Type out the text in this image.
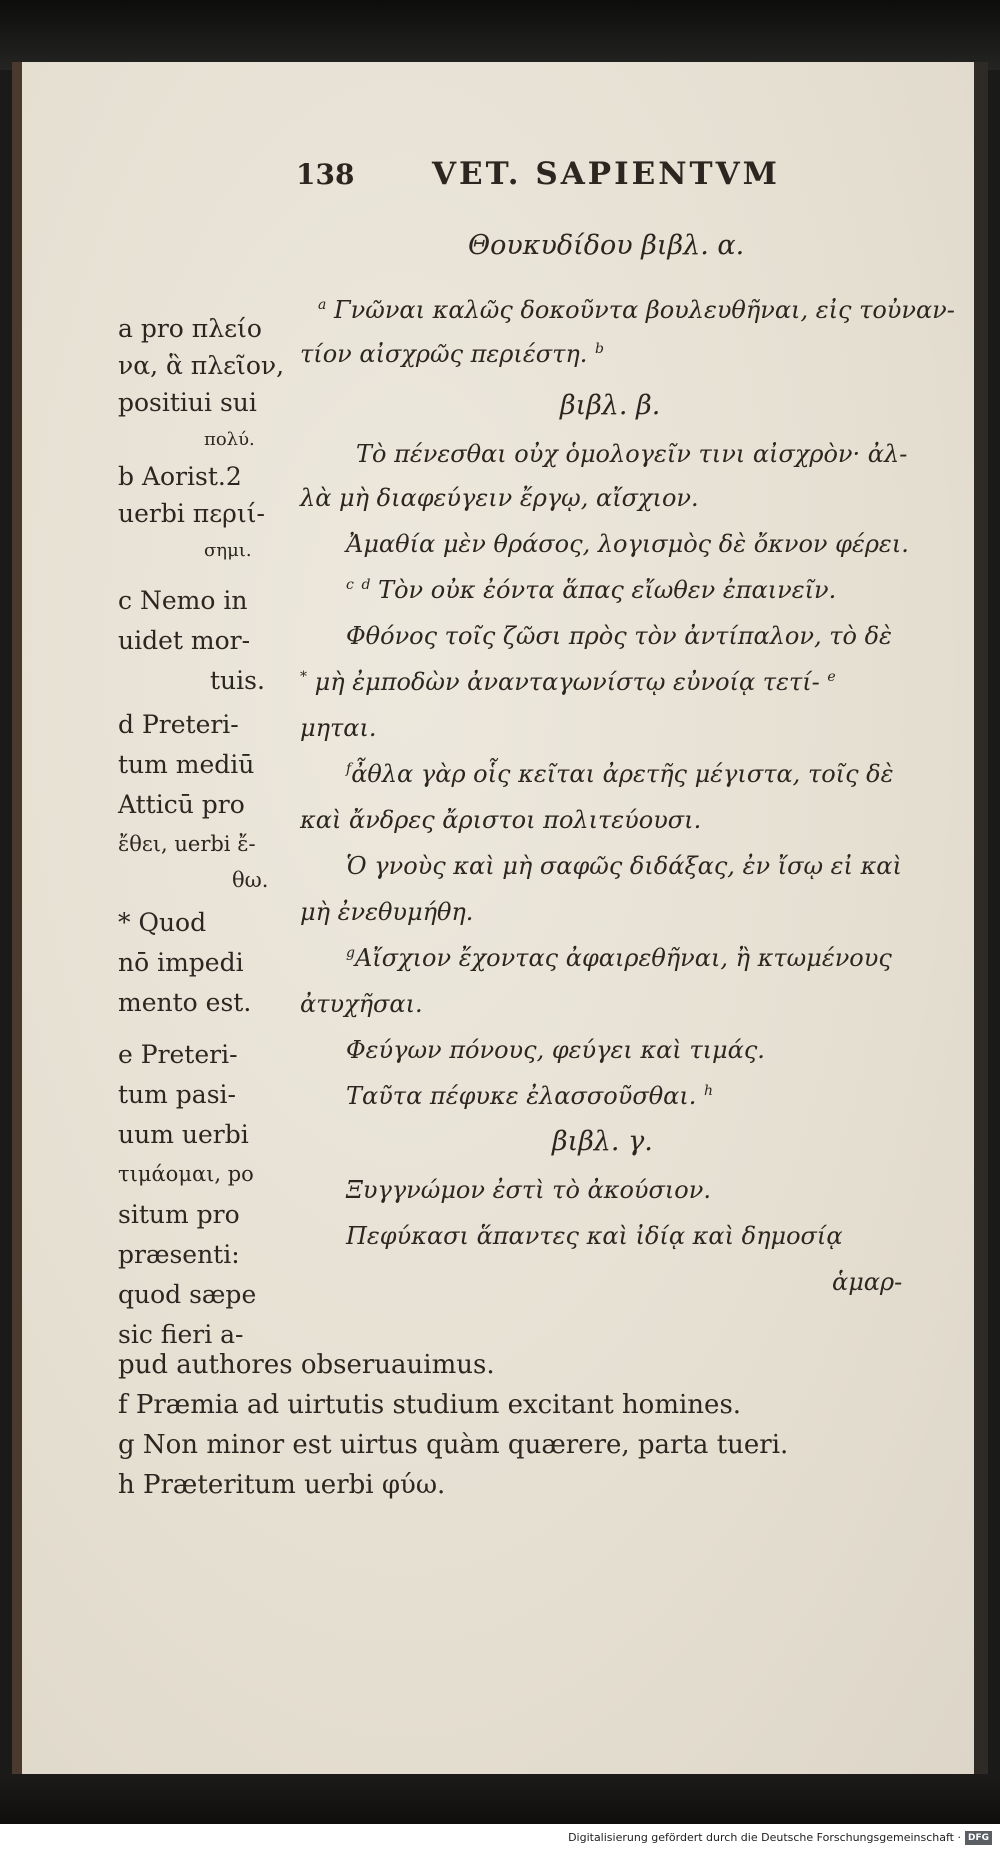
138	VET. SAPIENTVM
Θουκυδίδου βιβλ. α.
$^a$ Γνῶναι καλῶς δοκοῦντα βουλευθῆναι, εἰς τοὐναν-
τίον αἰσχρῶς περιέστη. $^b$
βιβλ. β.
Τὸ πένεσθαι οὐχ ὁμολογεῖν τινι αἰσχρὸν· ἀλ-
λὰ μὴ διαφεύγειν ἔργῳ, αἴσχιον.
Ἀμαθία μὲν θράσος, λογισμὸς δὲ ὄκνον φέρει.
$^c$ $^d$ Τὸν οὐκ ἐόντα ἅπας εἴωθεν ἐπαινεῖν.
Φθόνος τοῖς ζῶσι πρὸς τὸν ἀντίπαλον, τὸ δὲ
* μὴ ἐμποδὼν ἀνανταγωνίστῳ εὐνοίᾳ τετί- $^e$
μηται.
$^f$ἆθλα γὰρ οἷς κεῖται ἀρετῆς μέγιστα, τοῖς δὲ
καὶ ἄνδρες ἄριστοι πολιτεύουσι.
Ὁ γνοὺς καὶ μὴ σαφῶς διδάξας, ἐν ἴσῳ εἰ καὶ
μὴ ἐνεθυμήθη.
$^g$Αἴσχιον ἔχοντας ἀφαιρεθῆναι, ἢ κτωμένους
ἀτυχῆσαι.
Φεύγων πόνους, φεύγει καὶ τιμάς.
Ταῦτα πέφυκε ἐλασσοῦσθαι. $^h$
βιβλ. γ.
Ξυγγνώμον ἐστὶ τὸ ἀκούσιον.
Πεφύκασι ἅπαντες καὶ ἰδίᾳ καὶ δημοσίᾳ
ἁμαρ-
a pro πλείο
να, ἃ πλεῖον,
positiui sui
πολύ.
b Aorist.2
uerbi περιί-
σημι.
c Nemo in
uidet mor-
tuis.
d Preteri-
tum mediū
Atticū pro
ἔθει, uerbi ἔ-
θω.
* Quod
nō impedi
mento est.
e Preteri-
tum pasi-
uum uerbi
τιμάομαι, po
situm pro
præsenti:
quod sæpe
sic fieri a-
pud authores obseruauimus.
f Præmia ad uirtutis studium excitant homines.
g Non minor est uirtus quàm quærere, parta tueri.
h Præteritum uerbi φύω.
Digitalisierung gefördert durch die Deutsche Forschungsgemeinschaft · DFG
